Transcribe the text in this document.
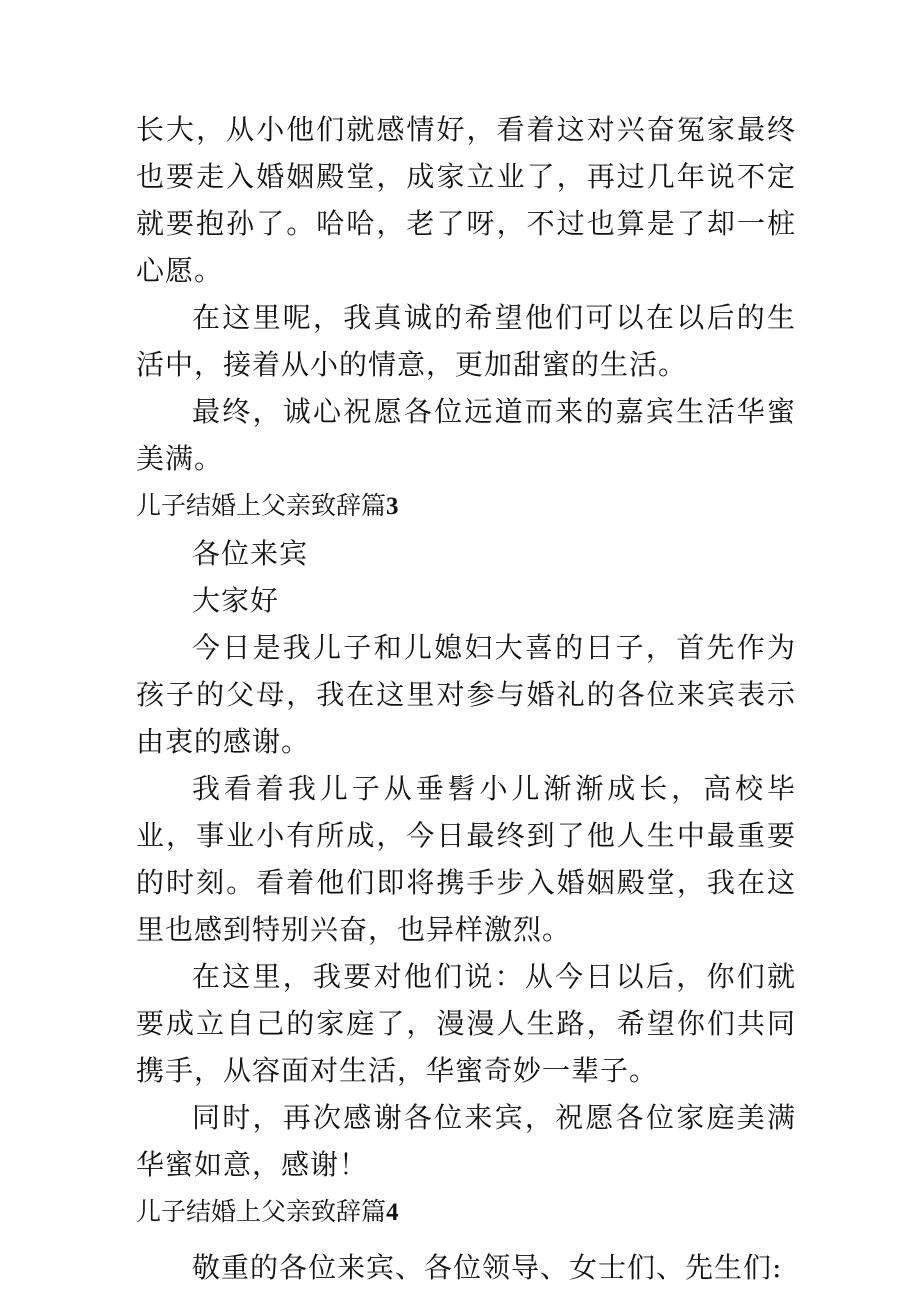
长大，从小他们就感情好，看着这对兴奋冤家最终也要走入婚姻殿堂，成家立业了，再过几年说不定就要抱孙了。哈哈，老了呀，不过也算是了却一桩心愿。

在这里呢，我真诚的希望他们可以在以后的生活中，接着从小的情意，更加甜蜜的生活。

最终，诚心祝愿各位远道而来的嘉宾生活华蜜美满。

儿子结婚上父亲致辞篇3

各位来宾

大家好

今日是我儿子和儿媳妇大喜的日子，首先作为孩子的父母，我在这里对参与婚礼的各位来宾表示由衷的感谢。

我看着我儿子从垂髫小儿渐渐成长，高校毕业，事业小有所成，今日最终到了他人生中最重要的时刻。看着他们即将携手步入婚姻殿堂，我在这里也感到特别兴奋，也异样激烈。

在这里，我要对他们说：从今日以后，你们就要成立自己的家庭了，漫漫人生路，希望你们共同携手，从容面对生活，华蜜奇妙一辈子。

同时，再次感谢各位来宾，祝愿各位家庭美满华蜜如意，感谢！

儿子结婚上父亲致辞篇4

敬重的各位来宾、各位领导、女士们、先生们:
